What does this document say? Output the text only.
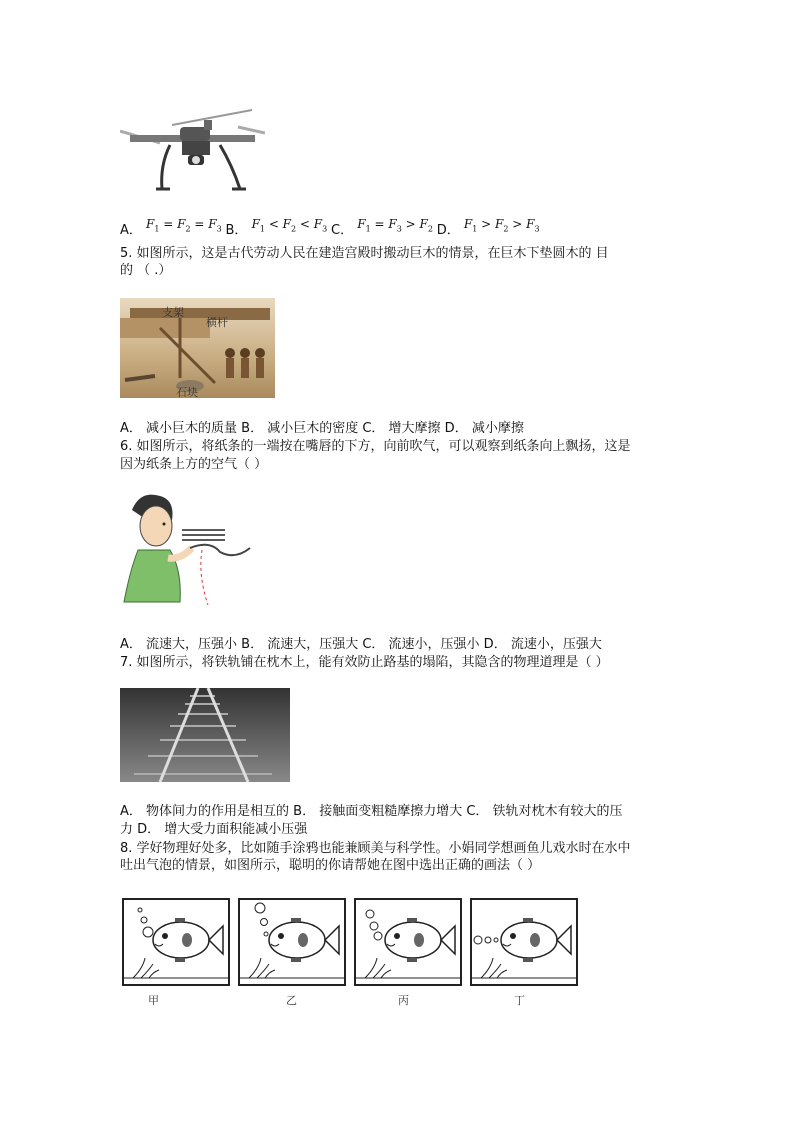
A． $F_1 = F_2 = F_3$ B． $F_1 < F_2 < F_3$ C． $F_1 = F_3 > F_2$ D． $F_1 > F_2 > F_3$
5. 如图所示，这是古代劳动人民在建造宫殿时搬动巨木的情景，在巨木下垫圆木的 目
的 （ .）
支架
横杆
石块
A． 减小巨木的质量 B． 减小巨木的密度 C． 增大摩擦 D． 减小摩擦
6. 如图所示，将纸条的一端按在嘴唇的下方，向前吹气，可以观察到纸条向上飘扬，这是
因为纸条上方的空气（ ）
A． 流速大，压强小 B． 流速大，压强大 C． 流速小，压强小 D． 流速小，压强大
7. 如图所示，将铁轨铺在枕木上，能有效防止路基的塌陷，其隐含的物理道理是（ ）
A． 物体间力的作用是相互的 B． 接触面变粗糙摩擦力增大 C． 铁轨对枕木有较大的压
力 D． 增大受力面积能减小压强
8. 学好物理好处多，比如随手涂鸦也能兼顾美与科学性。小娟同学想画鱼儿戏水时在水中
吐出气泡的情景，如图所示，聪明的你请帮她在图中选出正确的画法（ ）
甲	乙	丙	丁
